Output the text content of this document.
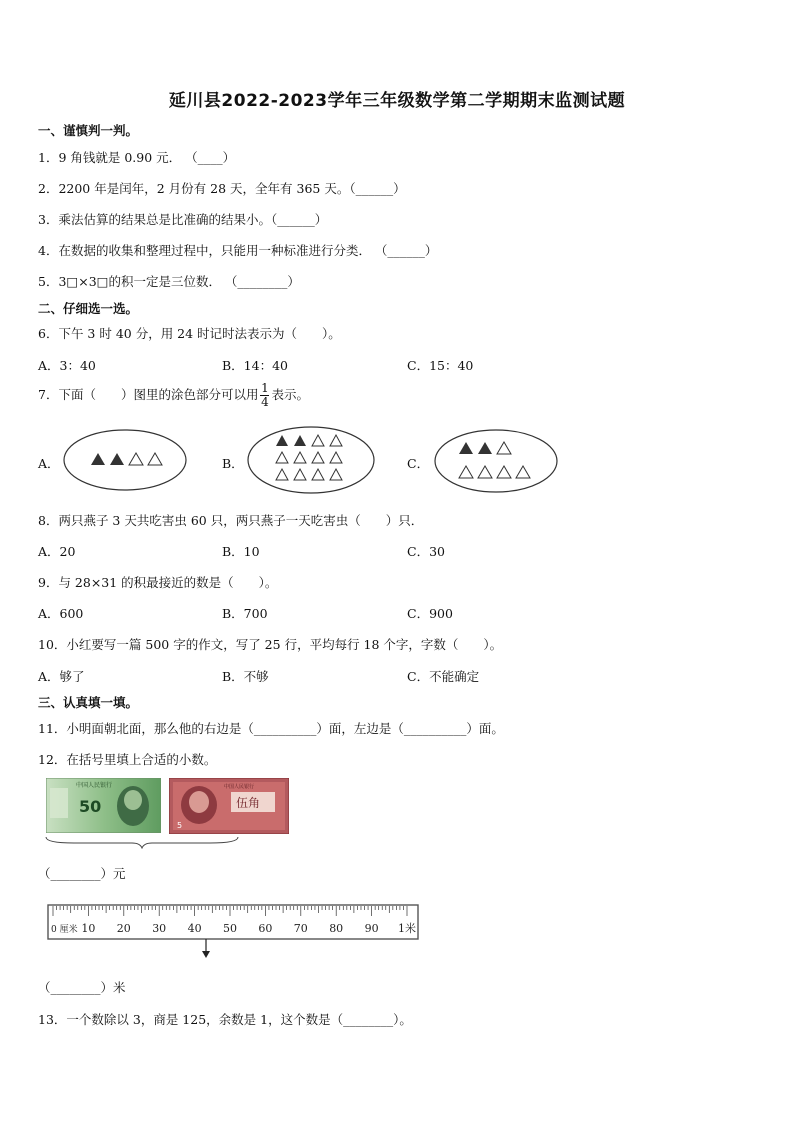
延川县2022-2023学年三年级数学第二学期期末监测试题
一、谨慎判一判。
1．9 角钱就是 0.90 元． （____）
2．2200 年是闰年，2 月份有 28 天，全年有 365 天。（______）
3．乘法估算的结果总是比准确的结果小。（______）
4．在数据的收集和整理过程中，只能用一种标准进行分类． （______）
5．3□×3□的积一定是三位数． （________）
二、仔细选一选。
6．下午 3 时 40 分，用 24 时记时法表示为（　　）。
A．3：40	B．14：40	C．15：40
7．下面（　　）图里的涂色部分可以用 $\frac{1}{4}$ 表示。
A．	B．	C．
8．两只燕子 3 天共吃害虫 60 只，两只燕子一天吃害虫（　　）只．
A．20	B．10	C．30
9．与 28×31 的积最接近的数是（　　）。
A．600	B．700	C．900
10．小红要写一篇 500 字的作文，写了 25 行，平均每行 18 个字，字数（　　）。
A．够了	B．不够	C．不能确定
三、认真填一填。
11．小明面朝北面，那么他的右边是（__________）面，左边是（__________）面。
12．在括号里填上合适的小数。
中国人民银行
50
中国人民银行
伍角
5
（________）元
0 厘米 10 20 30 40 50 60 70 80 90 1米
（________）米
13．一个数除以 3，商是 125，余数是 1，这个数是（________）。
